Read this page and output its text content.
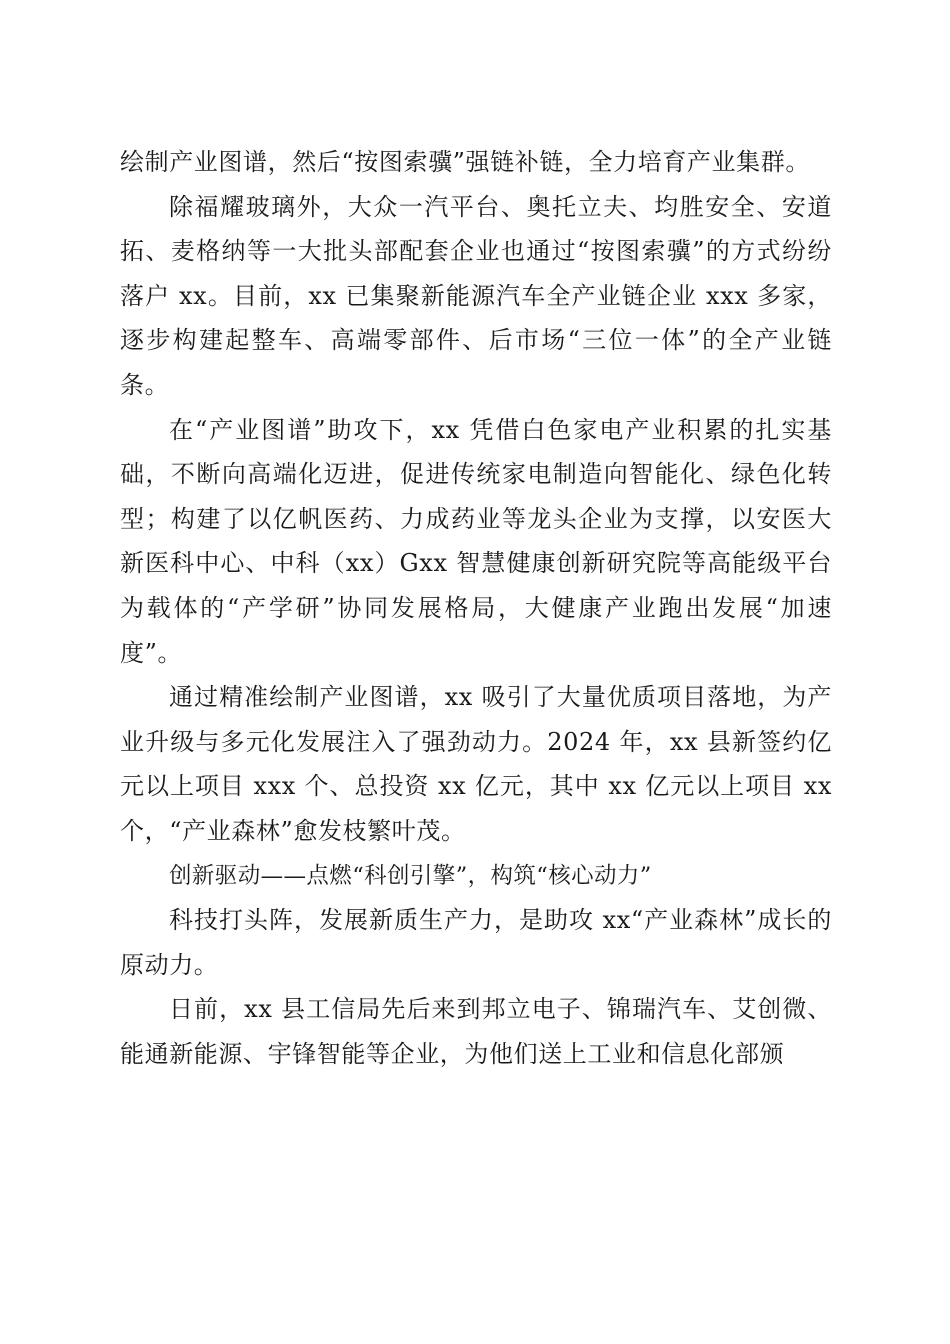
绘制产业图谱，然后“按图索骥”强链补链，全力培育产业集群。

除福耀玻璃外，大众一汽平台、奥托立夫、均胜安全、安道拓、麦格纳等一大批头部配套企业也通过“按图索骥”的方式纷纷落户 xx。目前，xx 已集聚新能源汽车全产业链企业 xxx 多家，逐步构建起整车、高端零部件、后市场“三位一体”的全产业链条。

在“产业图谱”助攻下，xx 凭借白色家电产业积累的扎实基础，不断向高端化迈进，促进传统家电制造向智能化、绿色化转型；构建了以亿帆医药、力成药业等龙头企业为支撑，以安医大新医科中心、中科（xx）Gxx 智慧健康创新研究院等高能级平台为载体的“产学研”协同发展格局，大健康产业跑出发展“加速度”。

通过精准绘制产业图谱，xx 吸引了大量优质项目落地，为产业升级与多元化发展注入了强劲动力。2024 年，xx 县新签约亿元以上项目 xxx 个、总投资 xx 亿元，其中 xx 亿元以上项目 xx 个，“产业森林”愈发枝繁叶茂。

创新驱动——点燃“科创引擎”，构筑“核心动力”

科技打头阵，发展新质生产力，是助攻 xx“产业森林”成长的原动力。

日前，xx 县工信局先后来到邦立电子、锦瑞汽车、艾创微、能通新能源、宇锋智能等企业，为他们送上工业和信息化部颁
